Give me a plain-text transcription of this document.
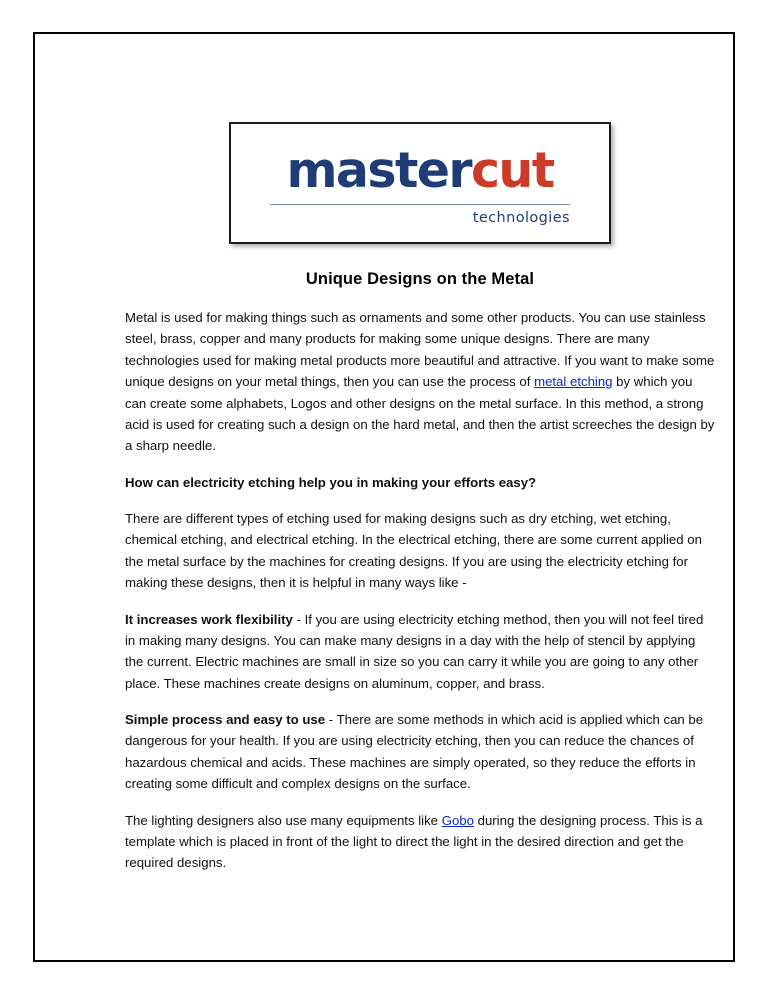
mastercut
technologies
Unique Designs on the Metal

Metal is used for making things such as ornaments and some other products. You can use stainless steel, brass, copper and many products for making some unique designs. There are many technologies used for making metal products more beautiful and attractive. If you want to make some unique designs on your metal things, then you can use the process of metal etching by which you can create some alphabets, Logos and other designs on the metal surface. In this method, a strong acid is used for creating such a design on the hard metal, and then the artist screeches the design by a sharp needle.

How can electricity etching help you in making your efforts easy?

There are different types of etching used for making designs such as dry etching, wet etching, chemical etching, and electrical etching. In the electrical etching, there are some current applied on the metal surface by the machines for creating designs. If you are using the electricity etching for making these designs, then it is helpful in many ways like -

It increases work flexibility - If you are using electricity etching method, then you will not feel tired in making many designs. You can make many designs in a day with the help of stencil by applying the current. Electric machines are small in size so you can carry it while you are going to any other place. These machines create designs on aluminum, copper, and brass.

Simple process and easy to use - There are some methods in which acid is applied which can be dangerous for your health. If you are using electricity etching, then you can reduce the chances of hazardous chemical and acids. These machines are simply operated, so they reduce the efforts in creating some difficult and complex designs on the surface.

The lighting designers also use many equipments like Gobo during the designing process. This is a template which is placed in front of the light to direct the light in the desired direction and get the required designs.
